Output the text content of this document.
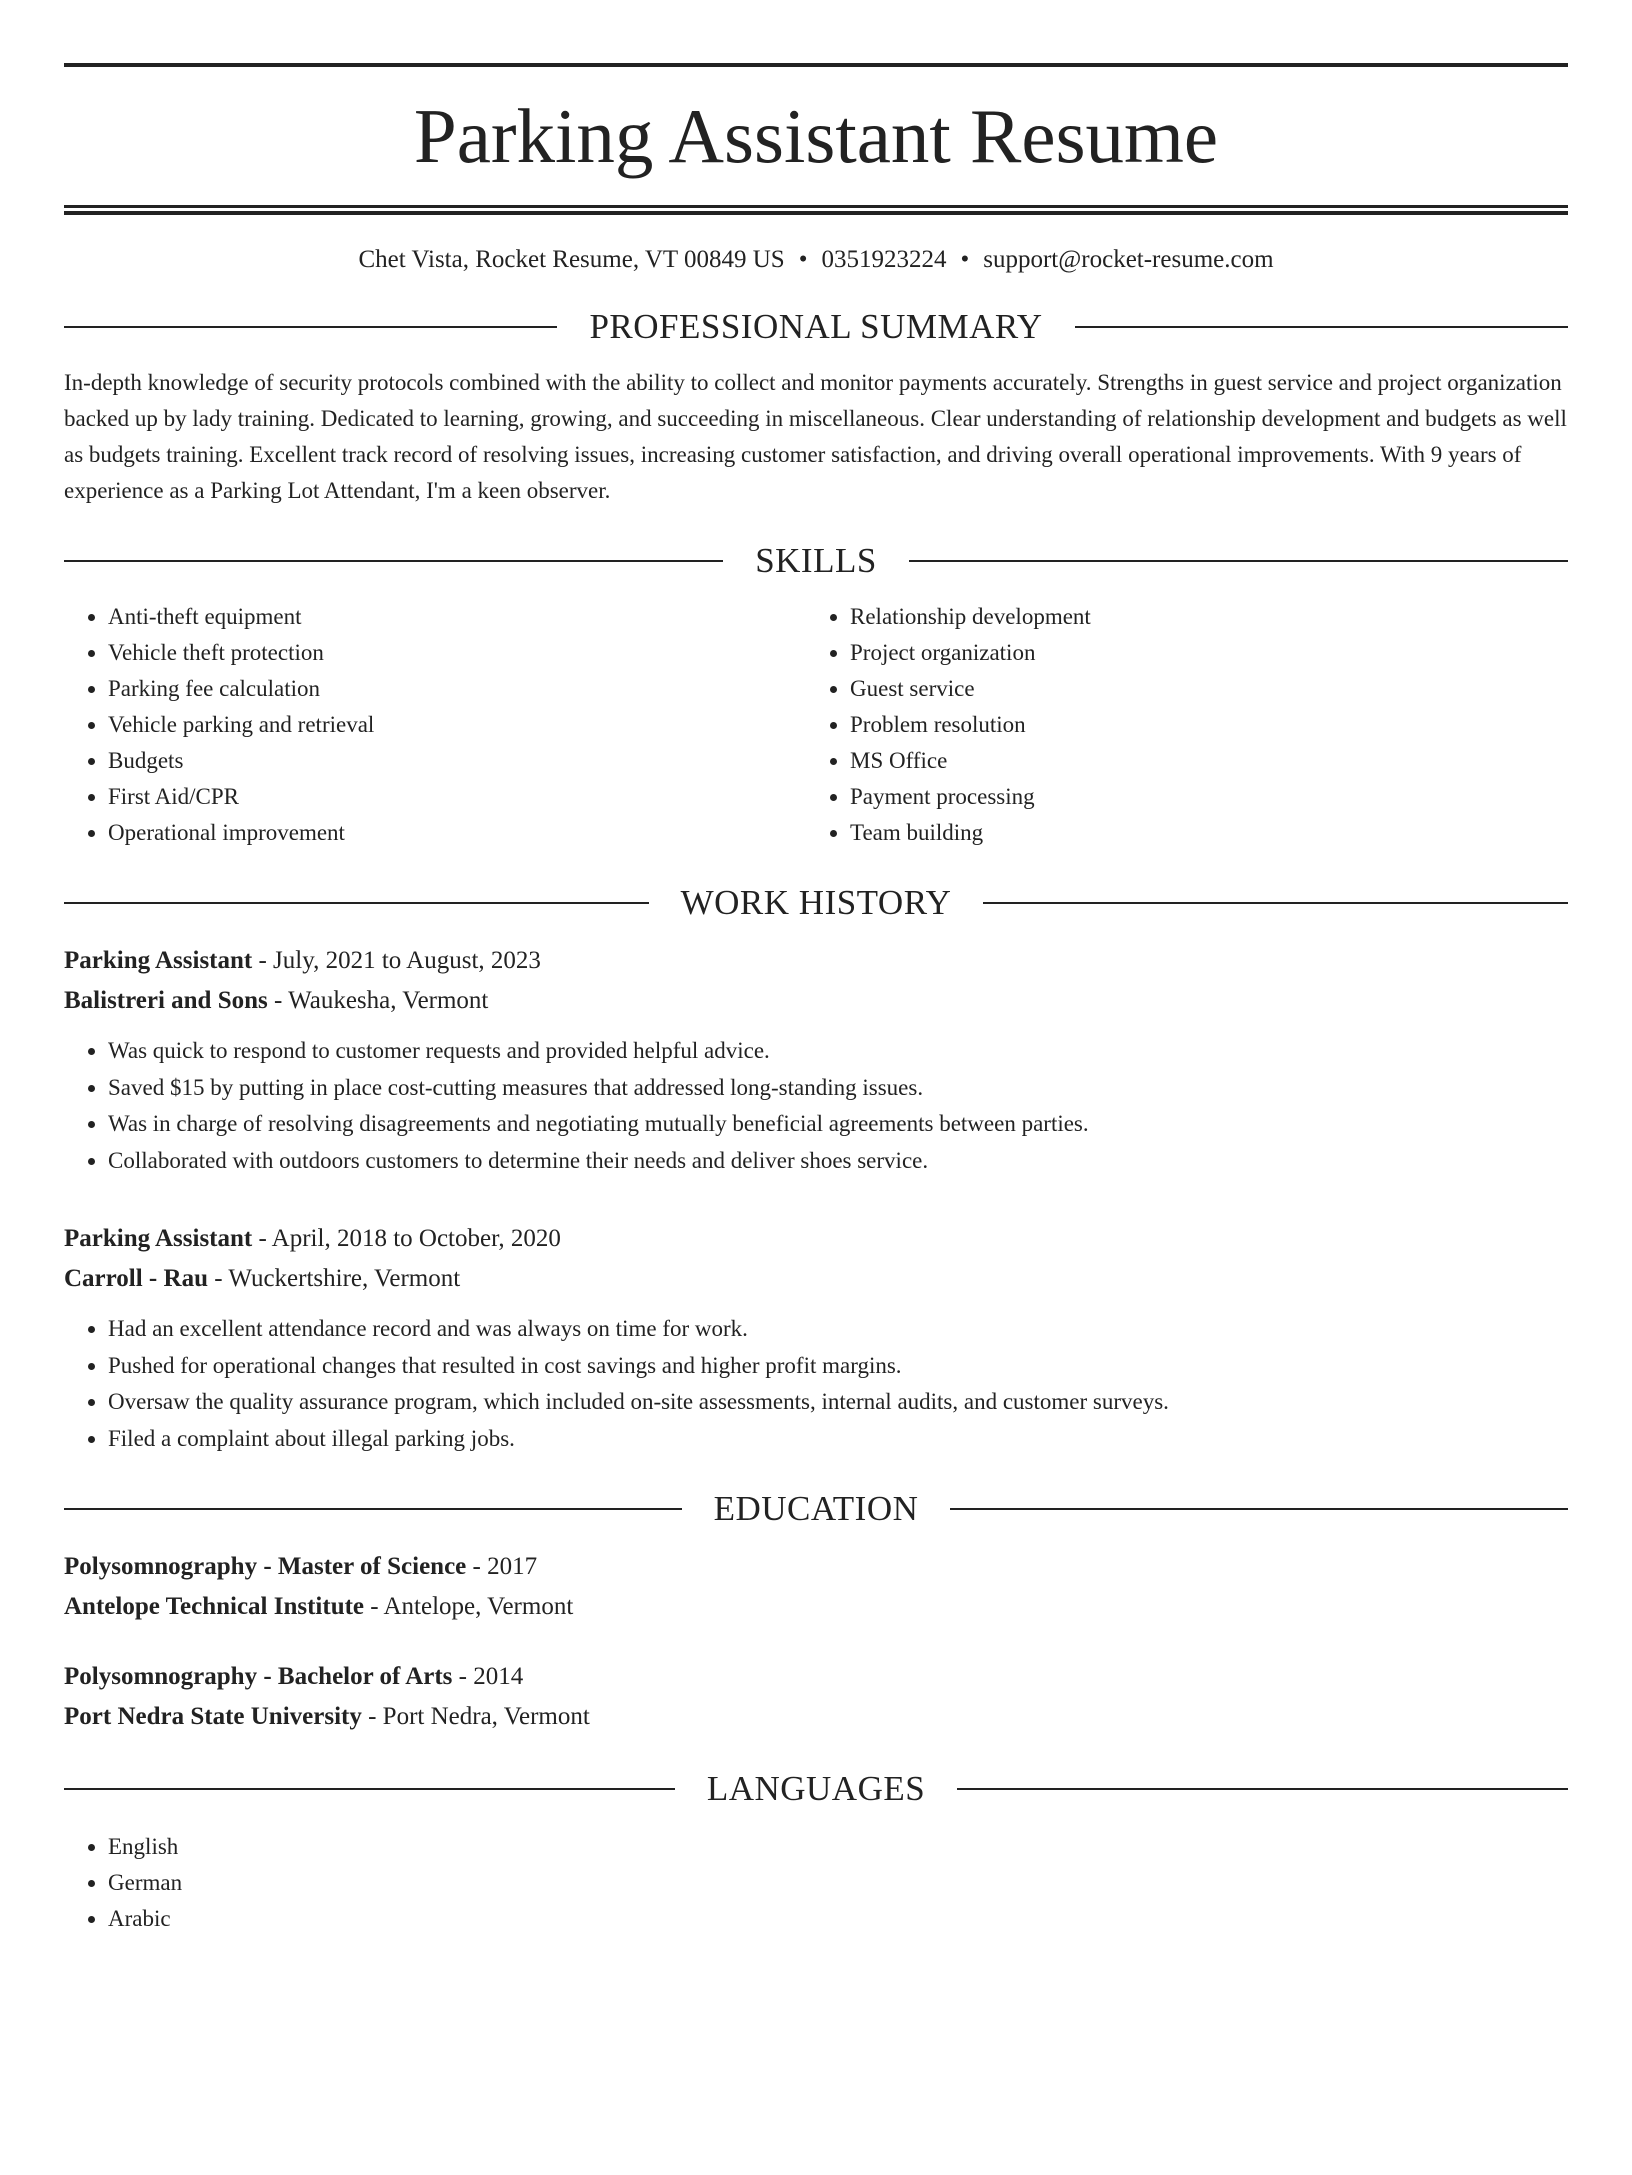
Parking Assistant Resume
Chet Vista, Rocket Resume, VT 00849 US • 0351923224 • support@rocket-resume.com
PROFESSIONAL SUMMARY

In-depth knowledge of security protocols combined with the ability to collect and monitor payments accurately. Strengths in guest service and project organization backed up by lady training. Dedicated to learning, growing, and succeeding in miscellaneous. Clear understanding of relationship development and budgets as well as budgets training. Excellent track record of resolving issues, increasing customer satisfaction, and driving overall operational improvements. With 9 years of experience as a Parking Lot Attendant, I'm a keen observer.

SKILLS
• Anti-theft equipment
• Vehicle theft protection
• Parking fee calculation
• Vehicle parking and retrieval
• Budgets
• First Aid/CPR
• Operational improvement
• Relationship development
• Project organization
• Guest service
• Problem resolution
• MS Office
• Payment processing
• Team building
WORK HISTORY
Parking Assistant - July, 2021 to August, 2023
Balistreri and Sons - Waukesha, Vermont
• Was quick to respond to customer requests and provided helpful advice.
• Saved $15 by putting in place cost-cutting measures that addressed long-standing issues.
• Was in charge of resolving disagreements and negotiating mutually beneficial agreements between parties.
• Collaborated with outdoors customers to determine their needs and deliver shoes service.
Parking Assistant - April, 2018 to October, 2020
Carroll - Rau - Wuckertshire, Vermont
• Had an excellent attendance record and was always on time for work.
• Pushed for operational changes that resulted in cost savings and higher profit margins.
• Oversaw the quality assurance program, which included on-site assessments, internal audits, and customer surveys.
• Filed a complaint about illegal parking jobs.
EDUCATION
Polysomnography - Master of Science - 2017
Antelope Technical Institute - Antelope, Vermont
Polysomnography - Bachelor of Arts - 2014
Port Nedra State University - Port Nedra, Vermont
LANGUAGES
• English
• German
• Arabic
